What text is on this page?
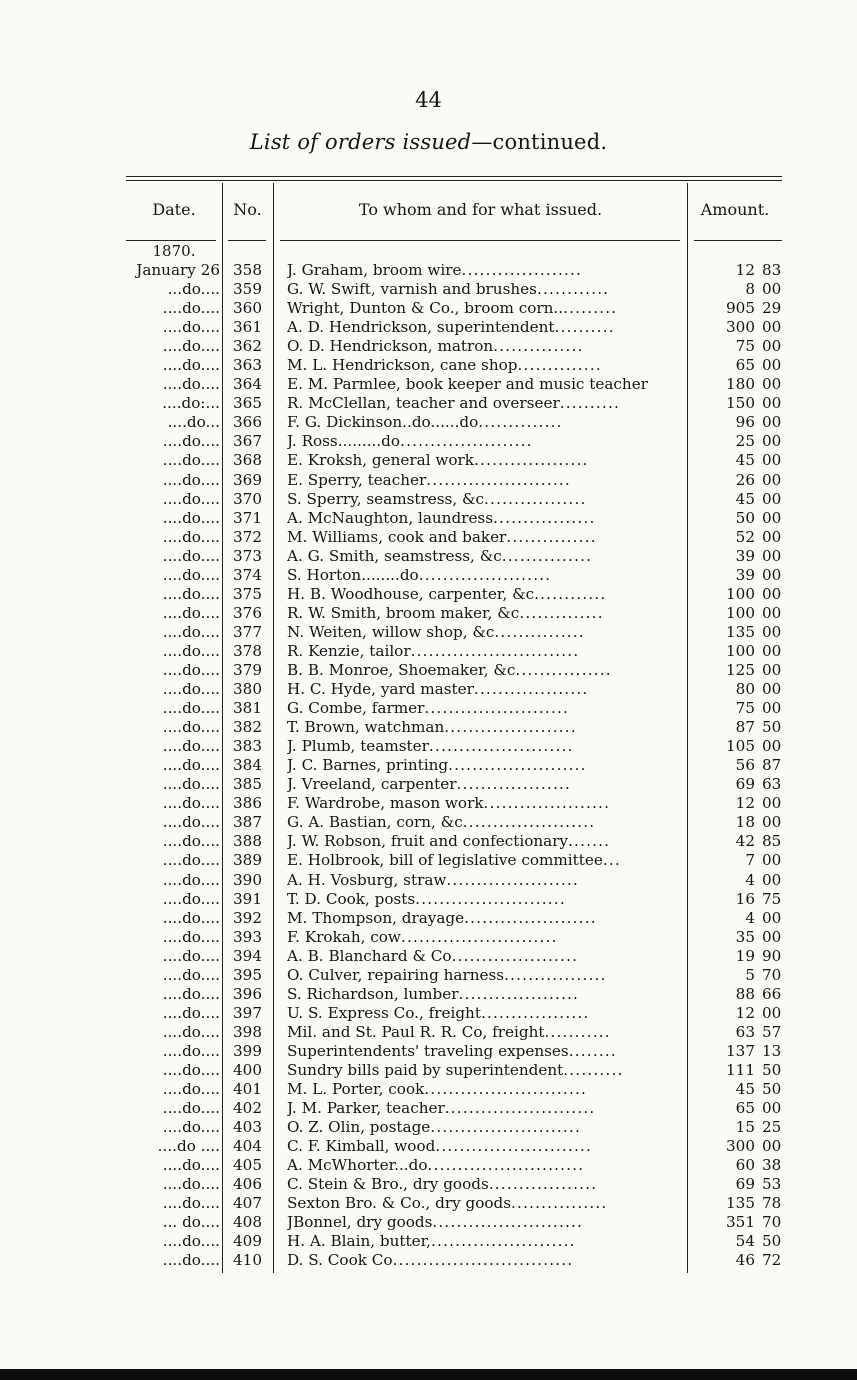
44
List of orders issued—continued.
Date.	No.	To whom and for what issued.	Amount.
1870.
January 26 358	J. Graham, broom wire....................	12 83
...do.... 359	G. W. Swift, varnish and brushes............	8 00
....do.... 360	Wright, Dunton & Co., broom corn...........	905 29
....do.... 361	A. D. Hendrickson, superintendent..........	300 00
....do.... 362	O. D. Hendrickson, matron...............	75 00
....do.... 363	M. L. Hendrickson, cane shop..............	65 00
....do.... 364	E. M. Parmlee, book keeper and music teacher	180 00
....do:... 365	R. McClellan, teacher and overseer..........	150 00
....do... 366	F. G. Dickinson..do......do..............	96 00
....do.... 367	J. Ross.........do......................	25 00
....do.... 368	E. Kroksh, general work...................	45 00
....do.... 369	E. Sperry, teacher........................	26 00
....do.... 370	S. Sperry, seamstress, &c.................	45 00
....do.... 371	A. McNaughton, laundress.................	50 00
....do.... 372	M. Williams, cook and baker...............	52 00
....do.... 373	A. G. Smith, seamstress, &c...............	39 00
....do.... 374	S. Horton........do......................	39 00
....do.... 375	H. B. Woodhouse, carpenter, &c............	100 00
....do.... 376	R. W. Smith, broom maker, &c..............	100 00
....do.... 377	N. Weiten, willow shop, &c...............	135 00
....do.... 378	R. Kenzie, tailor............................	100 00
....do.... 379	B. B. Monroe, Shoemaker, &c................	125 00
....do.... 380	H. C. Hyde, yard master...................	80 00
....do.... 381	G. Combe, farmer........................	75 00
....do.... 382	T. Brown, watchman......................	87 50
....do.... 383	J. Plumb, teamster........................	105 00
....do.... 384	J. C. Barnes, printing.......................	56 87
....do.... 385	J. Vreeland, carpenter...................	69 63
....do.... 386	F. Wardrobe, mason work.....................	12 00
....do.... 387	G. A. Bastian, corn, &c......................	18 00
....do.... 388	J. W. Robson, fruit and confectionary.......	42 85
....do.... 389	E. Holbrook, bill of legislative committee...	7 00
....do.... 390	A. H. Vosburg, straw......................	4 00
....do.... 391	T. D. Cook, posts.........................	16 75
....do.... 392	M. Thompson, drayage......................	4 00
....do.... 393	F. Krokah, cow..........................	35 00
....do.... 394	A. B. Blanchard & Co.....................	19 90
....do.... 395	O. Culver, repairing harness.................	5 70
....do.... 396	S. Richardson, lumber....................	88 66
....do.... 397	U. S. Express Co., freight..................	12 00
....do.... 398	Mil. and St. Paul R. R. Co, freight...........	63 57
....do.... 399	Superintendents' traveling expenses........	137 13
....do.... 400	Sundry bills paid by superintendent..........	111 50
....do.... 401	M. L. Porter, cook...........................	45 50
....do.... 402	J. M. Parker, teacher.........................	65 00
....do.... 403	O. Z. Olin, postage.........................	15 25
....do .... 404	C. F. Kimball, wood..........................	300 00
....do.... 405	A. McWhorter...do..........................	60 38
....do.... 406	C. Stein & Bro., dry goods..................	69 53
....do.... 407	Sexton Bro. & Co., dry goods................	135 78
... do.... 408	JBonnel, dry goods.........................	351 70
....do.... 409	H. A. Blain, butter,........................	54 50
....do.... 410	D. S. Cook Co..............................	46 72
